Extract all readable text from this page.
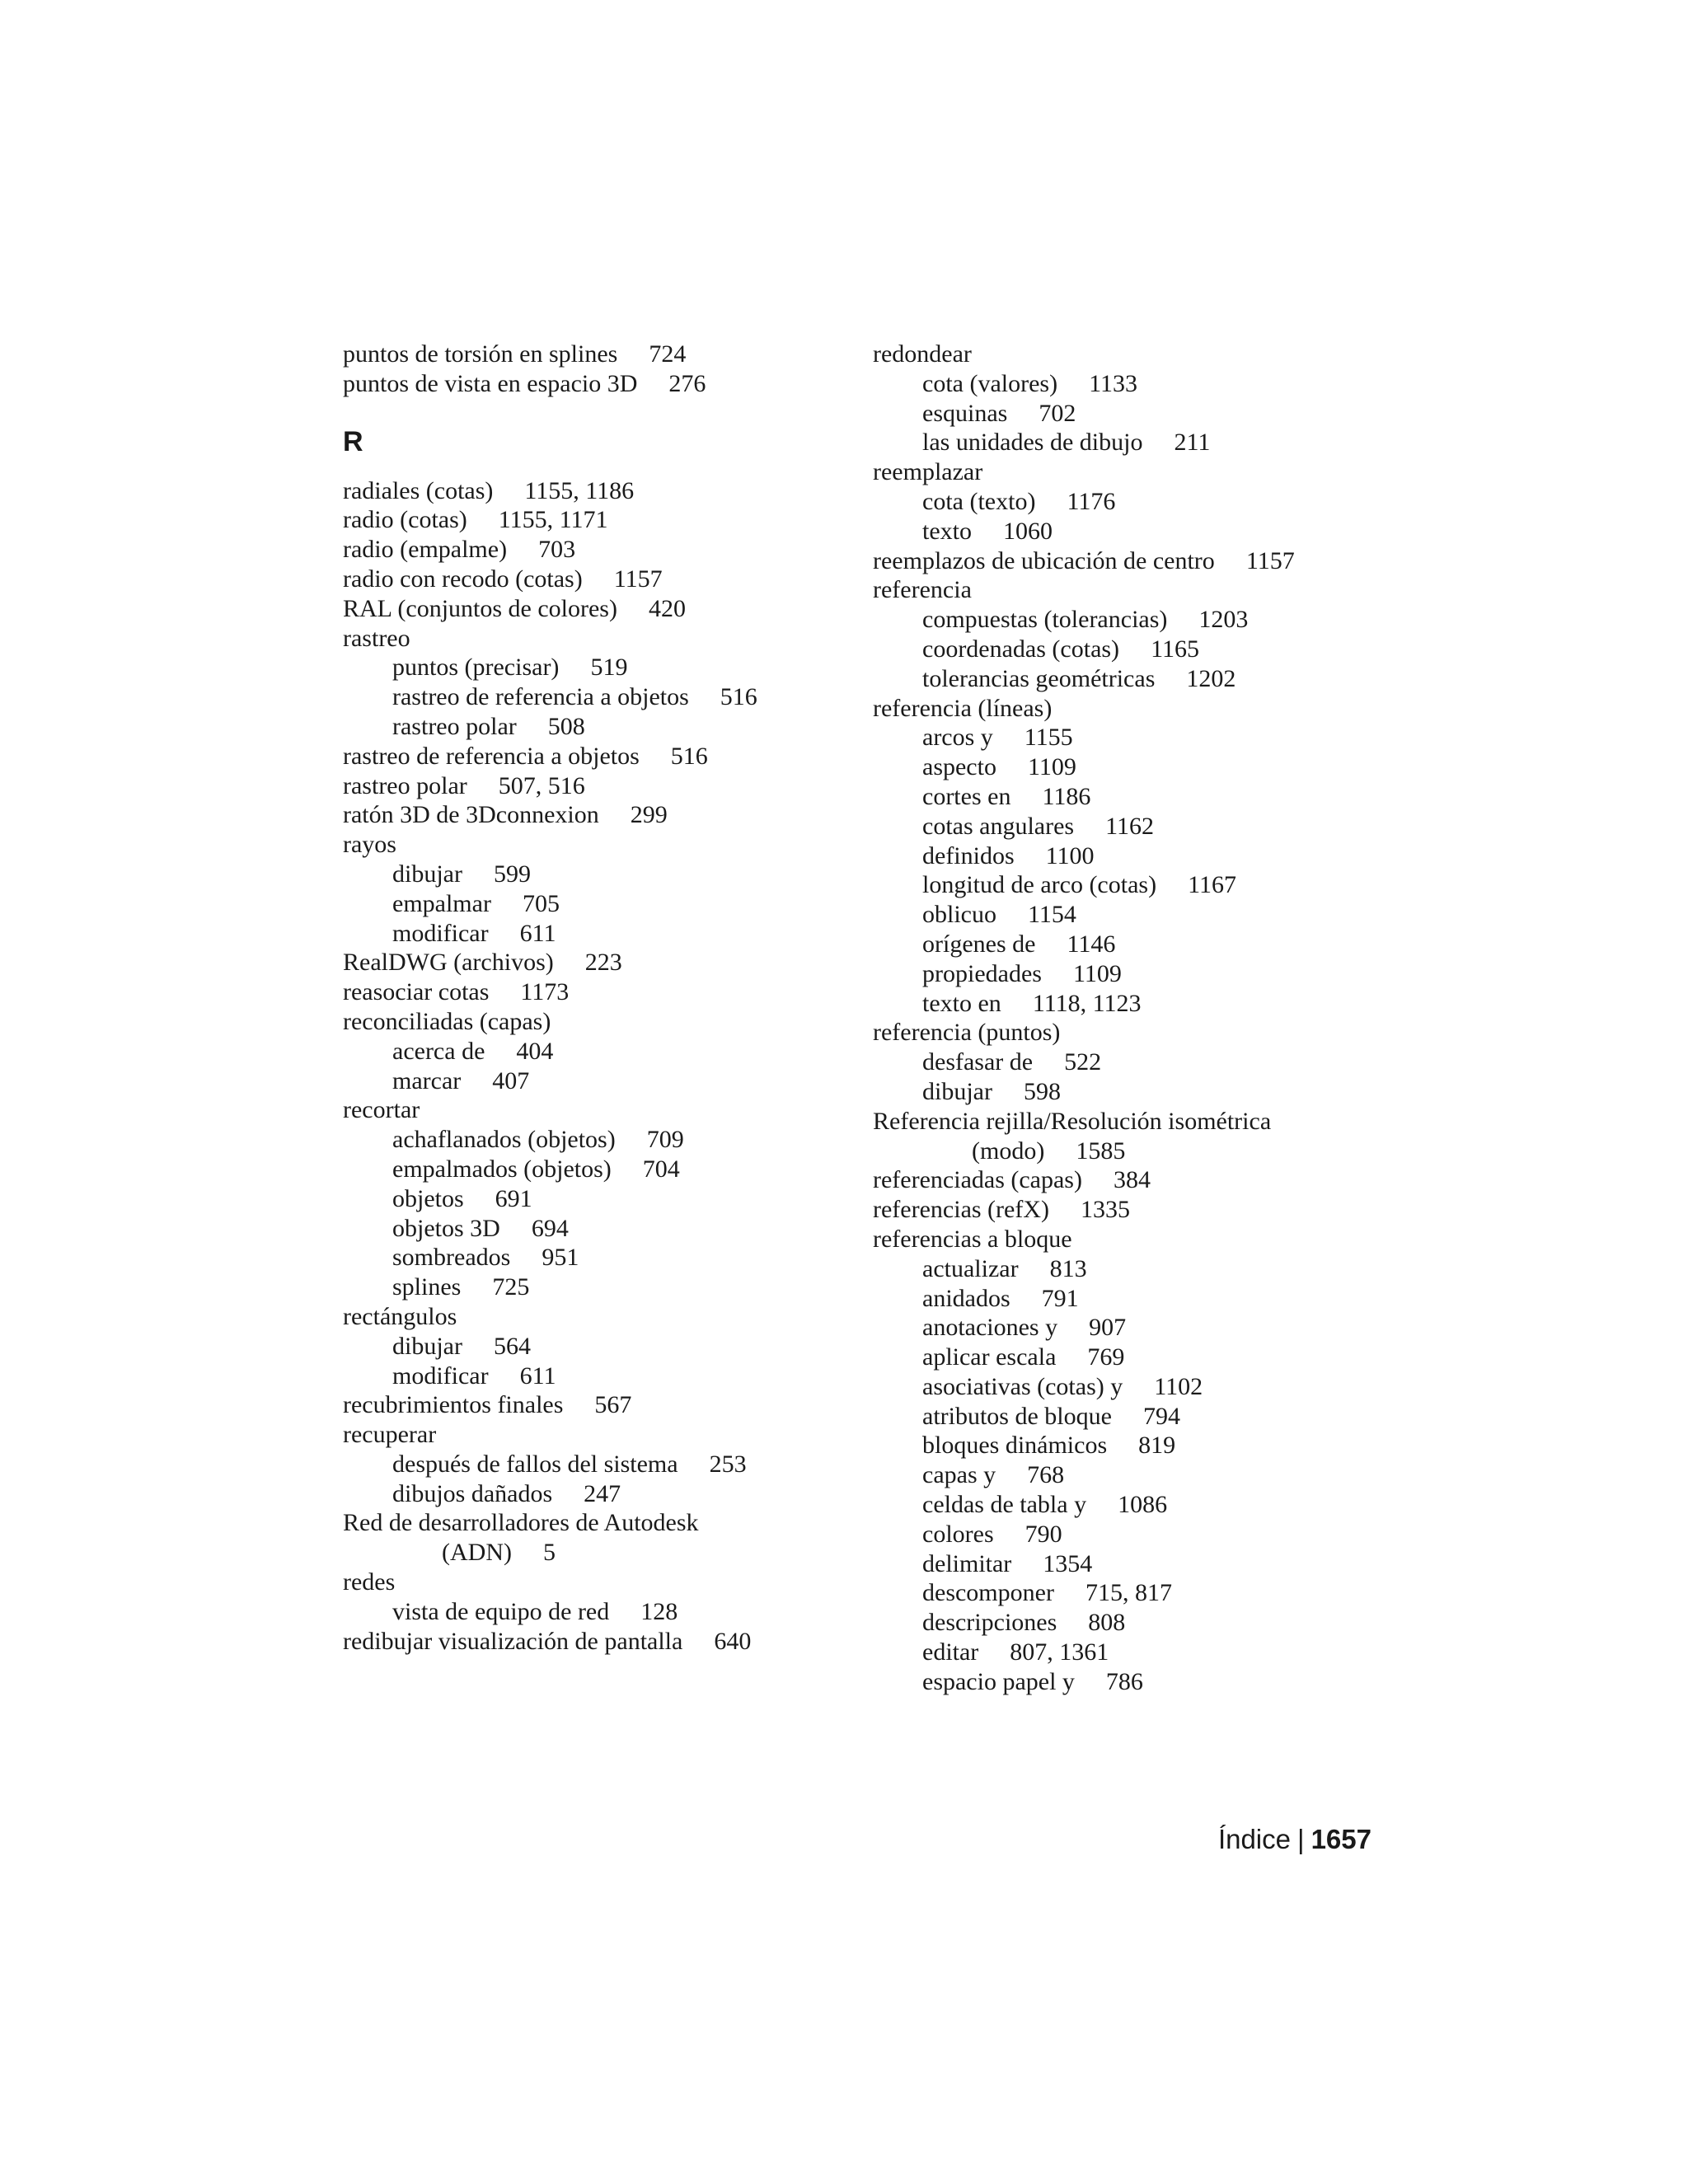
puntos de torsión en splines 724
puntos de vista en espacio 3D 276
R
radiales (cotas) 1155, 1186
radio (cotas) 1155, 1171
radio (empalme) 703
radio con recodo (cotas) 1157
RAL (conjuntos de colores) 420
rastreo
puntos (precisar) 519
rastreo de referencia a objetos 516
rastreo polar 508
rastreo de referencia a objetos 516
rastreo polar 507, 516
ratón 3D de 3Dconnexion 299
rayos
dibujar 599
empalmar 705
modificar 611
RealDWG (archivos) 223
reasociar cotas 1173
reconciliadas (capas)
acerca de 404
marcar 407
recortar
achaflanados (objetos) 709
empalmados (objetos) 704
objetos 691
objetos 3D 694
sombreados 951
splines 725
rectángulos
dibujar 564
modificar 611
recubrimientos finales 567
recuperar
después de fallos del sistema 253
dibujos dañados 247
Red de desarrolladores de Autodesk
(ADN) 5
redes
vista de equipo de red 128
redibujar visualización de pantalla 640
redondear
cota (valores) 1133
esquinas 702
las unidades de dibujo 211
reemplazar
cota (texto) 1176
texto 1060
reemplazos de ubicación de centro 1157
referencia
compuestas (tolerancias) 1203
coordenadas (cotas) 1165
tolerancias geométricas 1202
referencia (líneas)
arcos y 1155
aspecto 1109
cortes en 1186
cotas angulares 1162
definidos 1100
longitud de arco (cotas) 1167
oblicuo 1154
orígenes de 1146
propiedades 1109
texto en 1118, 1123
referencia (puntos)
desfasar de 522
dibujar 598
Referencia rejilla/Resolución isométrica
(modo) 1585
referenciadas (capas) 384
referencias (refX) 1335
referencias a bloque
actualizar 813
anidados 791
anotaciones y 907
aplicar escala 769
asociativas (cotas) y 1102
atributos de bloque 794
bloques dinámicos 819
capas y 768
celdas de tabla y 1086
colores 790
delimitar 1354
descomponer 715, 817
descripciones 808
editar 807, 1361
espacio papel y 786
Índice | 1657
